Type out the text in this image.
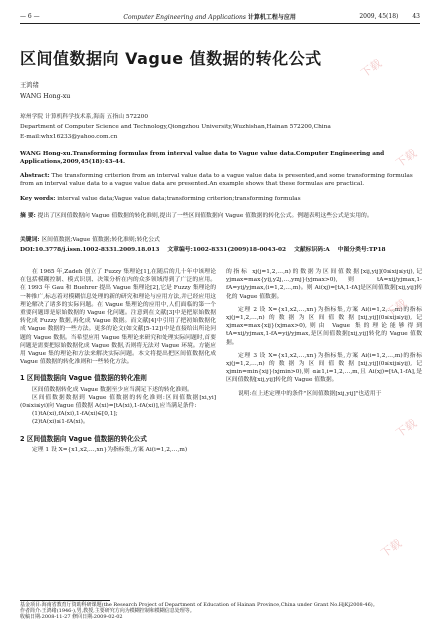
— 6 —	Computer Engineering and Applications 计算机工程与应用	2009, 45(18) 43
区间值数据向 Vague 值数据的转化公式
王鸿绪
WANG Hong-xu
琼州学院 计算机科学技术系,海南 五指山 572200
Department of Computer Science and Technology,Qiongzhou University,Wuzhishan,Hainan 572200,China
E-mail:whx16233@yahoo.com.cn
WANG Hong-xu.Transforming formulas from interval value data to Vague value data.Computer Engineering and Applications,2009,45(18):43-44.
Abstract: The transforming criterion from an interval value data to a vague value data is presented,and some transforming formulas from an interval value data to a vague value data are presented.An example shows that these formulas are practical.
Key words: interval value data;Vague value data;transforming criterion;transforming formulas
摘 要: 提出了区间值数据向 Vague 值数据的转化准则,提出了一些区间值数据向 Vague 值数据的转化公式。例题表明这些公式是实用的。
关键词: 区间值数据;Vague 值数据;转化准则;转化公式
DOI:10.3778/j.issn.1002-8331.2009.18.013 文章编号:1002-8331(2009)18-0043-02 文献标识码:A 中图分类号:TP18

在 1965 年,Zadeh 创立了 Fuzzy 集理论[1],在随后的几十年中该理论在包括模糊控制、模式识别、决策分析在内的众多领域得到了广泛的应用。在 1993 年 Gau 和 Buehrer 提出 Vague 集理论[2],它是 Fuzzy 集理论的一种推广,标志着对模糊信息处理的新的研究和理论与应用方法,并已经应用这理论解决了诸多的实际问题。在 Vague 集理论的应用中,人们面临的第一个重要问题即是原始数据的 Vague 化问题。注意到在文献[3]中是把原始数据转化成 Fuzzy 数据,再化成 Vague 数据。而文献[4]中引用了把初始数据化成 Vague 数据的一些方法。更多的论文(如文献[5-12])中是直接给出所论问题的 Vague 数据。当希望应用 Vague 集理论来研究和处理实际问题时,首要问题是需要把原始数据化成 Vague 数据,否则将无法对 Vague 环境。方能应用 Vague 集的理论和方法来解决实际问题。本文将提出把区间值数据化成 Vague 值数据的转化准则和一些转化方法。

1 区间值数据向 Vague 值数据的转化准则

区间值数据转化成 Vague 数据至少应当满足下述的转化准则。

区间值数据数据到 Vague 值数据的转化准则:区间值数据[xi,yi](0≤xi≤yi)向 Vague 值数据 A(xi)=[tA(xi),1-fA(xi)],应当满足条件:

(1)tA(xi),fA(xi),1-fA(xi)∈[0,1];

(2)tA(xi)≤1-fA(xi)。

2 区间值数据向 Vague 值数据的转化公式

定理 1 设 X={x1,x2,…,xn}为指标集,方案 Ai(i=1,2,…,m)

的指标 xj(j=1,2,…,n)的数据为区间值数据[xij,yij](0≤xij≤yij),记 yjmax=max{yij,y2j,…,ymj}(yjmax>0),则 tA=xij/yjmax,1-fA=yij/yjmax,(i=1,2,…,m)。则 Ai(xj)=[tA,1-fA]是区间值数据[xij,yij]转化的 Vague 值数据。

定理 2 设 X={x1,x2,…,xn}为指标集,方案 Ai(i=1,2,…,m)的指标 xj(j=1,2,…,n)的数据为区间值数据[xij,yij](0≤xij≤yij),记 xjmax=max{xij}(xjmax>0),则由 Vague 集的理论能够得到 tA=xij/yjmax,1-fA=yij/yjmax,是区间值数据[xij,yij]转化的 Vague 值数据。

定理 3 设 X={x1,x2,…,xn}为指标集,方案 Ai(i=1,2,…,m)的指标 xj(j=1,2,…,n)的数据为区间值数据[xij,yij](0≤xij≤yij),记 xjmin=min{xij}(xjmin>0),则 α≥1,i=1,2,…,m,且 Ai(xj)=[tA,1-fA],是区间值数据[xij,yij]转化的 Vague 值数据。

说明:在上述定理中的条件"区间值数据[xij,yij]"也适用于

基金项目:海南省教育厅资助科研课题(the Research Project of Department of Education of Hainan Province,China under Grant No.HjKj2008-46)。
作者简介:王鸿绪(1946-),男,教授,主要研究方向为模糊控制和模糊信息处理等。
收稿日期:2008-11-27 修回日期:2009-02-02
下载
下载
下载
下载
下载
